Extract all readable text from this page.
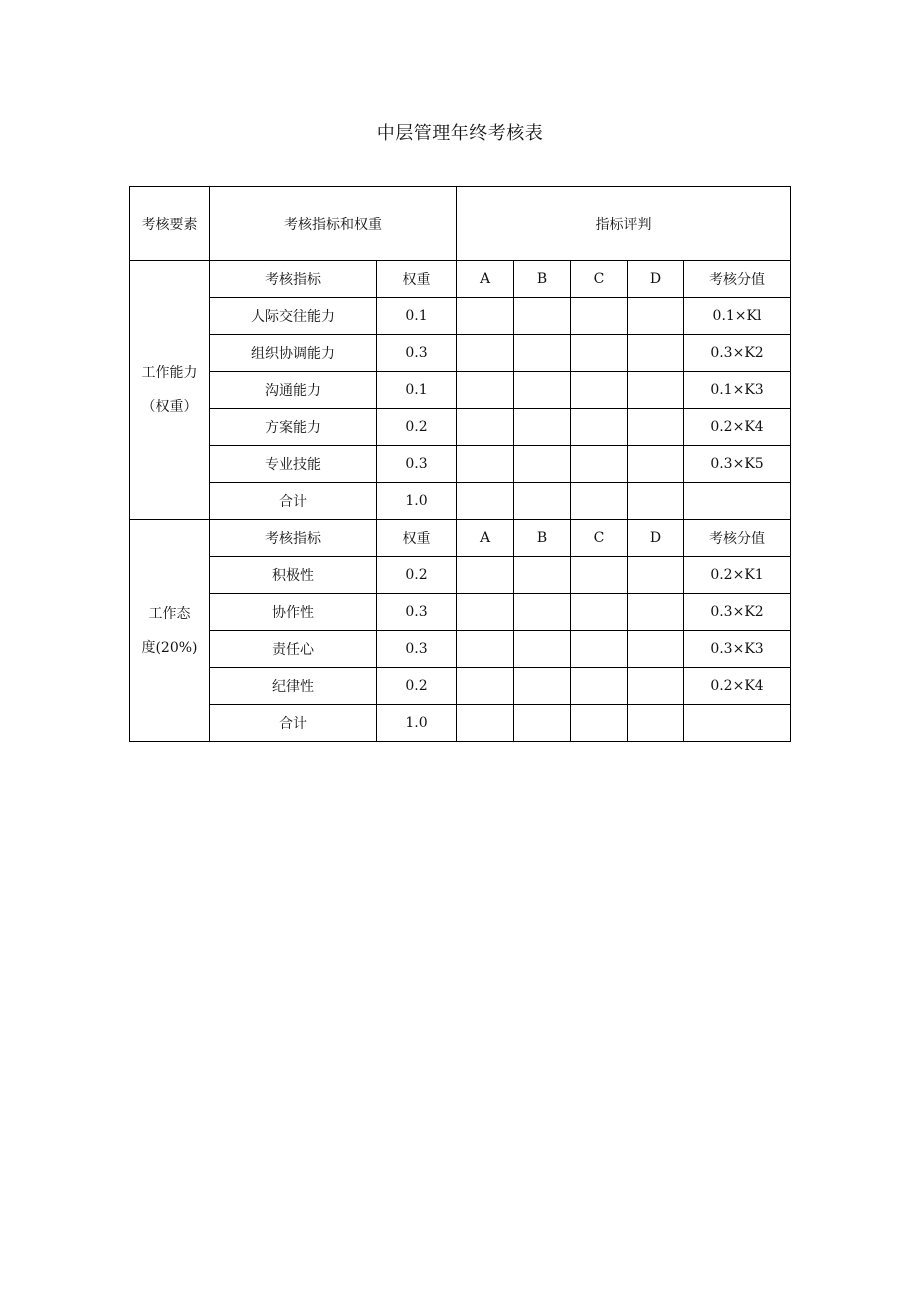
中层管理年终考核表
考核要素	考核指标和权重		指标评判				

工作能力
（权重）	考核指标	权重	A	B	C	D	考核分值
	人际交往能力	0.1					0.1×Kl
	组织协调能力	0.3					0.3×K2
	沟通能力	0.1					0.1×K3
	方案能力	0.2					0.2×K4
	专业技能	0.3					0.3×K5
	合计	1.0					

工作态
度(20%)	考核指标	权重	A	B	C	D	考核分值
	积极性	0.2					0.2×K1
	协作性	0.3					0.3×K2
	责任心	0.3					0.3×K3
	纪律性	0.2					0.2×K4
	合计	1.0					
